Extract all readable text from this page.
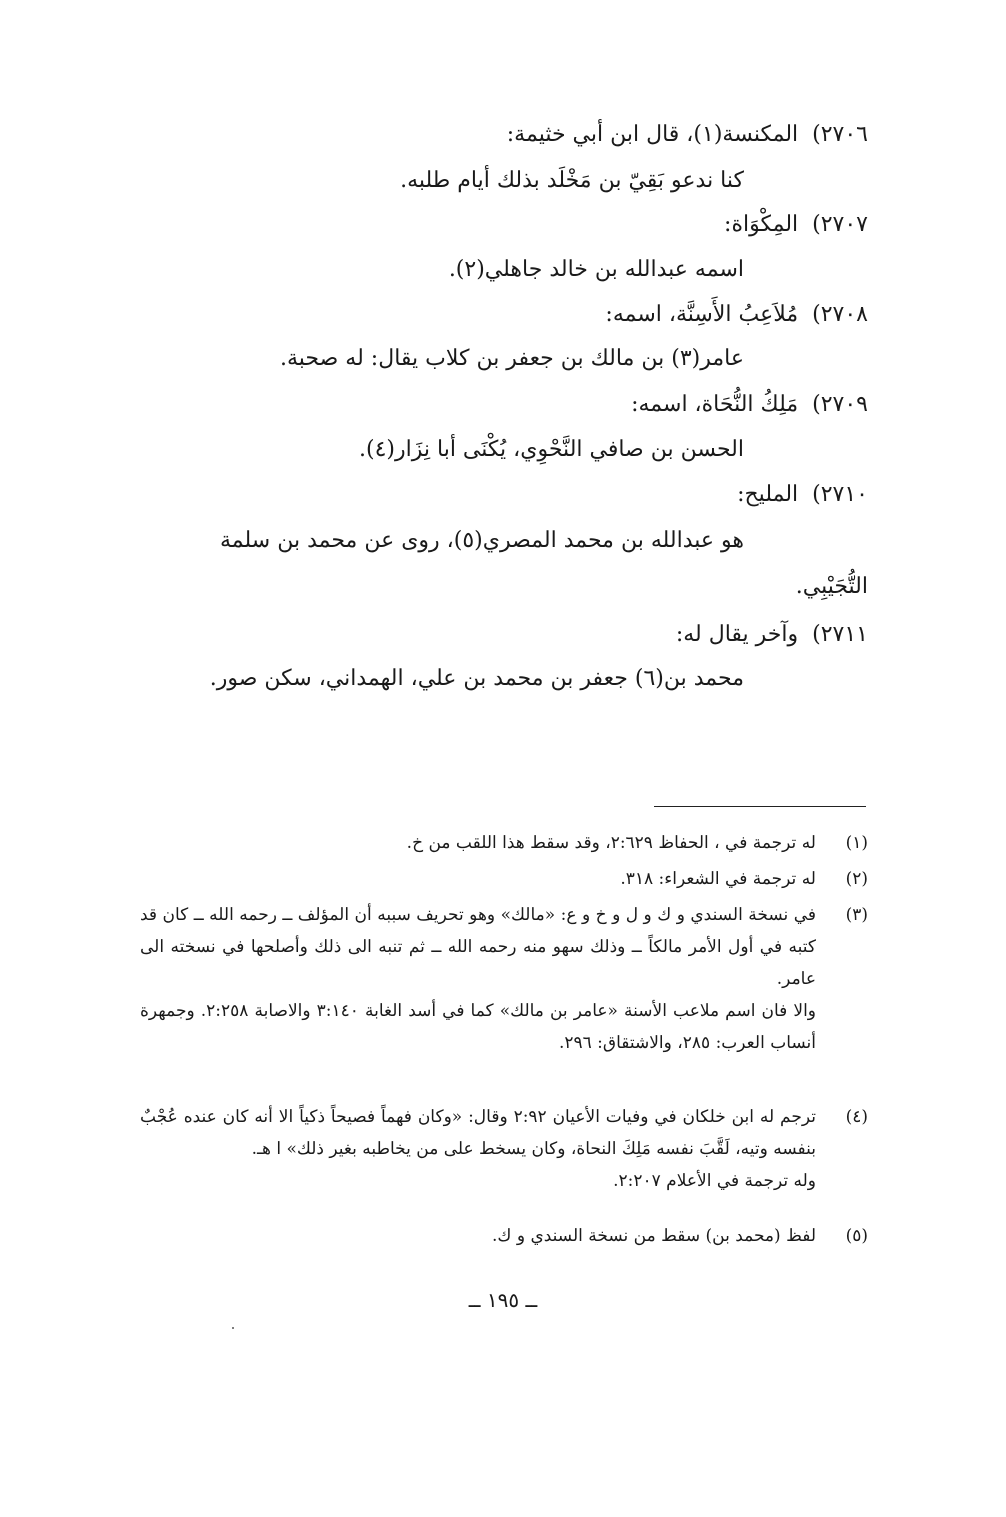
٢٧٠٦)المكنسة(١)، قال ابن أبي خثيمة:
كنا ندعو بَقِيّ بن مَخْلَد بذلك أيام طلبه.
٢٧٠٧)المِكْوَاة:
اسمه عبدالله بن خالد جاهلي(٢).
٢٧٠٨)مُلاَعِبُ الأَسِنَّة، اسمه:
عامر(٣) بن مالك بن جعفر بن كلاب يقال: له صحبة.
٢٧٠٩)مَلِكُ النُّحَاة، اسمه:
الحسن بن صافي النَّحْوِي، يُكْنَى أبا نِزَار(٤).
٢٧١٠)المليح:
هو عبدالله بن محمد المصري(٥)، روى عن محمد بن سلمة
التُّجَيْبِي.
٢٧١١)وآخر يقال له:
محمد بن(٦) جعفر بن محمد بن علي، الهمداني، سكن صور.
(١)

له ترجمة في ، الحفاظ ٢:٦٢٩، وقد سقط هذا اللقب من خ.

(٢)

له ترجمة في الشعراء: ٣١٨.

(٣)

في نسخة السندي و ك و ل و خ و ع: «مالك» وهو تحريف سببه أن المؤلف ــ رحمه الله ــ كان قد كتبه في أول الأمر مالكاً ــ وذلك سهو منه رحمه الله ــ ثم تنبه الى ذلك وأصلحها في نسخته الى عامر.

والا فان اسم ملاعب الأسنة «عامر بن مالك» كما في أسد الغابة ٣:١٤٠ والاصابة ٢:٢٥٨. وجمهرة أنساب العرب: ٢٨٥، والاشتقاق: ٢٩٦.

(٤)

ترجم له ابن خلكان في وفيات الأعيان ٢:٩٢ وقال: «وكان فهماً فصيحاً ذكياً الا أنه كان عنده عُجْبٌ بنفسه وتيه، لَقَّبَ نفسه مَلِكَ النحاة، وكان يسخط على من يخاطبه بغير ذلك» ا هـ.

وله ترجمة في الأعلام ٢:٢٠٧.

(٥)

لفظ (محمد بن) سقط من نسخة السندي و ك.

ــ ١٩٥ ــ
